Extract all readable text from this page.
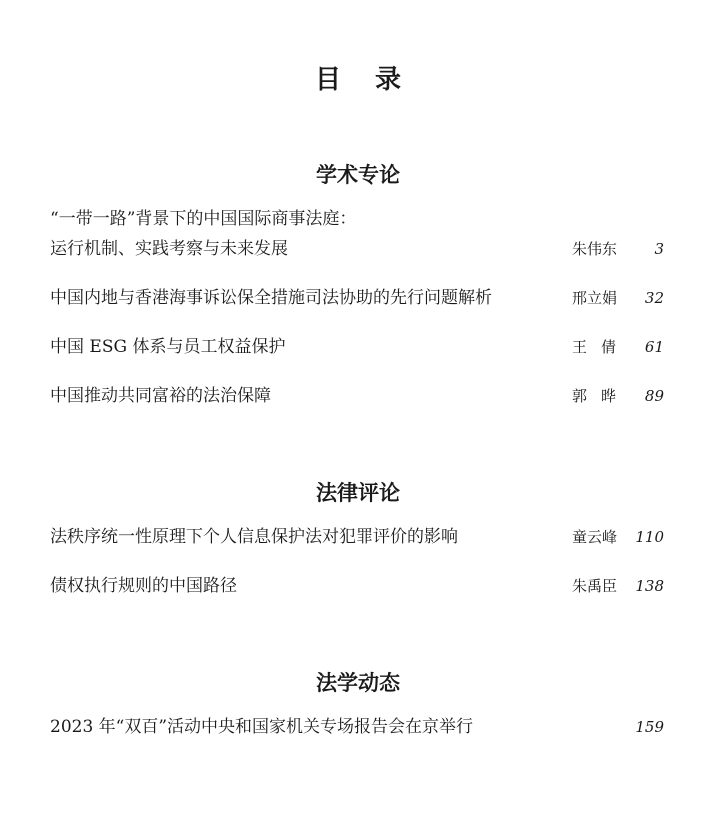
目录
学术专论
“一带一路”背景下的中国国际商事法庭：
运行机制、实践考察与未来发展	朱伟东	3
中国内地与香港海事诉讼保全措施司法协助的先行问题解析	邢立娟	32
中国 ESG 体系与员工权益保护	王倩 61
中国推动共同富裕的法治保障	郭晔 89
法律评论
法秩序统一性原理下个人信息保护法对犯罪评价的影响	童云峰	110
债权执行规则的中国路径	朱禹臣	138
法学动态
2023 年“双百”活动中央和国家机关专场报告会在京举行	159
